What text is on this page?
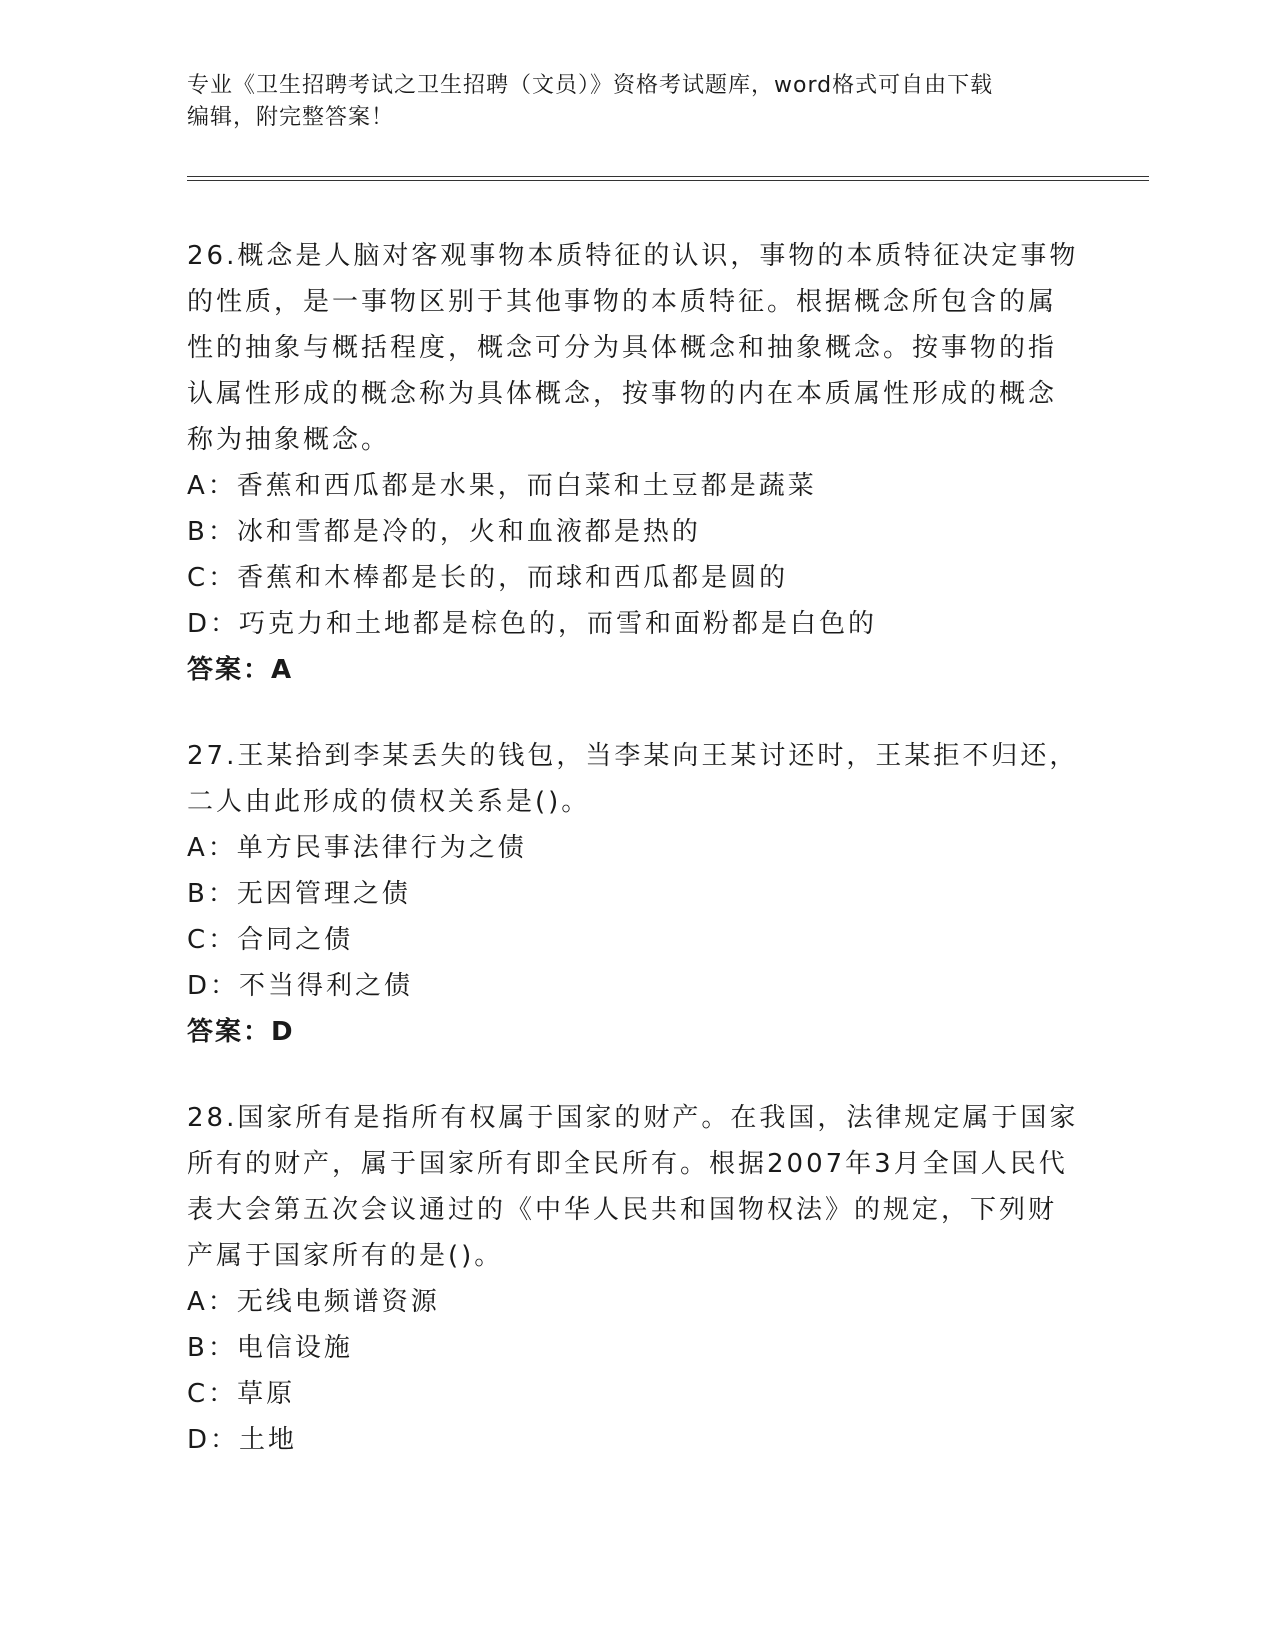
专业《卫生招聘考试之卫生招聘（文员）》资格考试题库，word格式可自由下载
编辑，附完整答案！

26.概念是人脑对客观事物本质特征的认识，事物的本质特征决定事物
的性质，是一事物区别于其他事物的本质特征。根据概念所包含的属
性的抽象与概括程度，概念可分为具体概念和抽象概念。按事物的指
认属性形成的概念称为具体概念，按事物的内在本质属性形成的概念
称为抽象概念。

A：香蕉和西瓜都是水果，而白菜和土豆都是蔬菜

B：冰和雪都是冷的，火和血液都是热的

C：香蕉和木棒都是长的，而球和西瓜都是圆的

D：巧克力和土地都是棕色的，而雪和面粉都是白色的

答案：A

27.王某拾到李某丢失的钱包，当李某向王某讨还时，王某拒不归还，
二人由此形成的债权关系是()。

A：单方民事法律行为之债

B：无因管理之债

C：合同之债

D：不当得利之债

答案：D

28.国家所有是指所有权属于国家的财产。在我国，法律规定属于国家
所有的财产，属于国家所有即全民所有。根据2007年3月全国人民代
表大会第五次会议通过的《中华人民共和国物权法》的规定，下列财
产属于国家所有的是()。

A：无线电频谱资源

B：电信设施

C：草原

D：土地
